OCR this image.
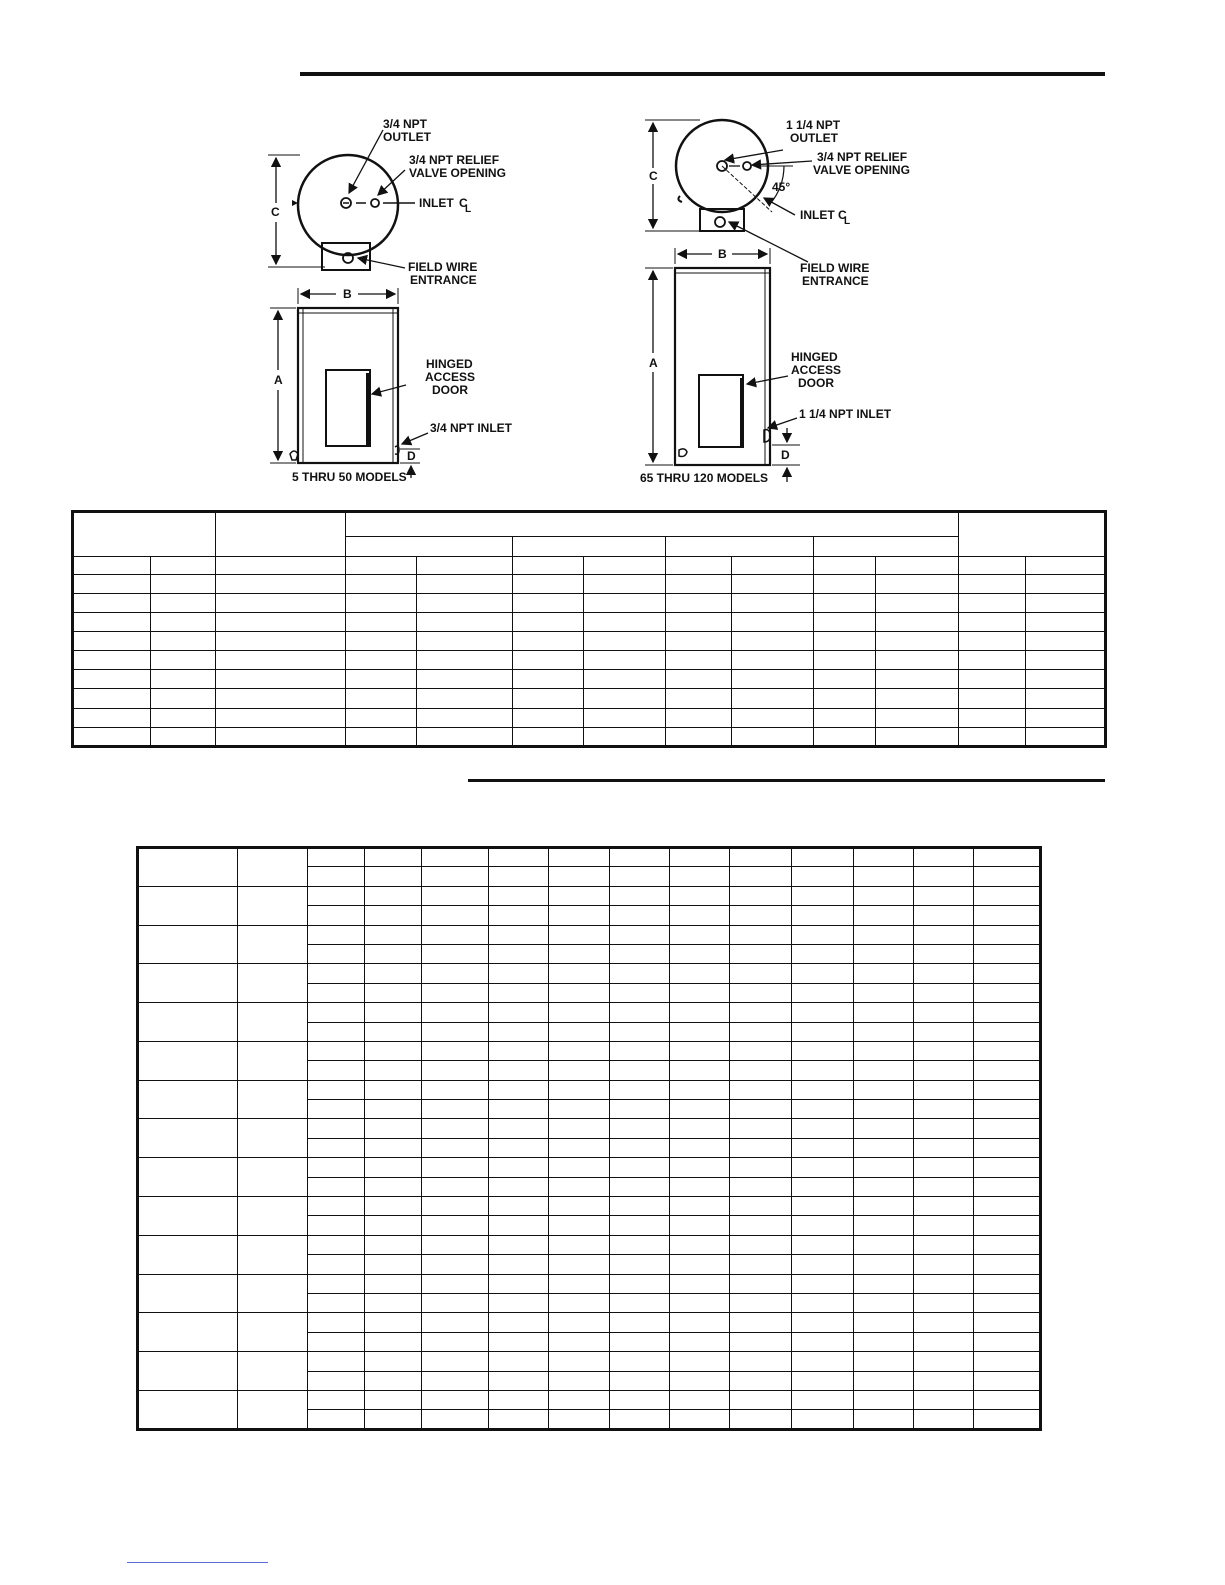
3/4 NPT
OUTLET
3/4 NPT RELIEF
VALVE OPENING
INLET C
L
FIELD WIRE
ENTRANCE
C
HINGED
ACCESS
DOOR
3/4 NPT INLET
B
A
D
5 THRU 50 MODELS
1 1/4 NPT
OUTLET
3/4 NPT RELIEF
VALVE OPENING
45°
INLET C
L
FIELD WIRE
ENTRANCE
C
HINGED
ACCESS
DOOR
1 1/4 NPT INLET
B
A
D
65 THRU 120 MODELS
